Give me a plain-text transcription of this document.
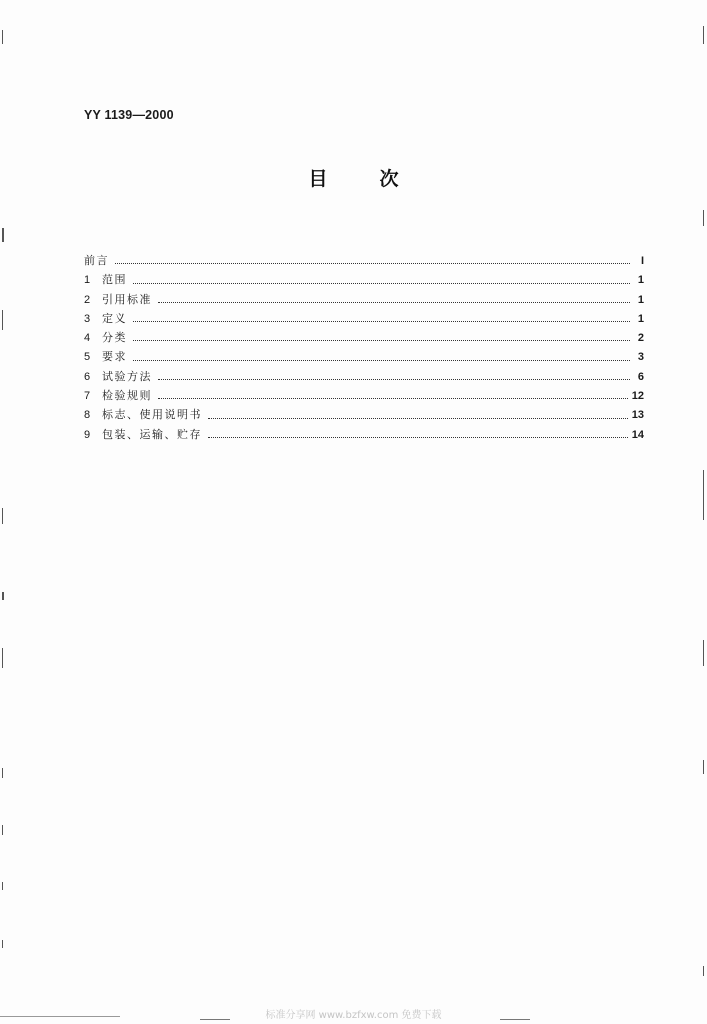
YY 1139—2000
目次
前言	I
1	范围	1
2	引用标准	1
3	定义	1
4	分类	2
5	要求	3
6	试验方法	6
7	检验规则	12
8	标志、使用说明书	13
9	包装、运输、贮存	14
标准分享网 www.bzfxw.com 免费下载
